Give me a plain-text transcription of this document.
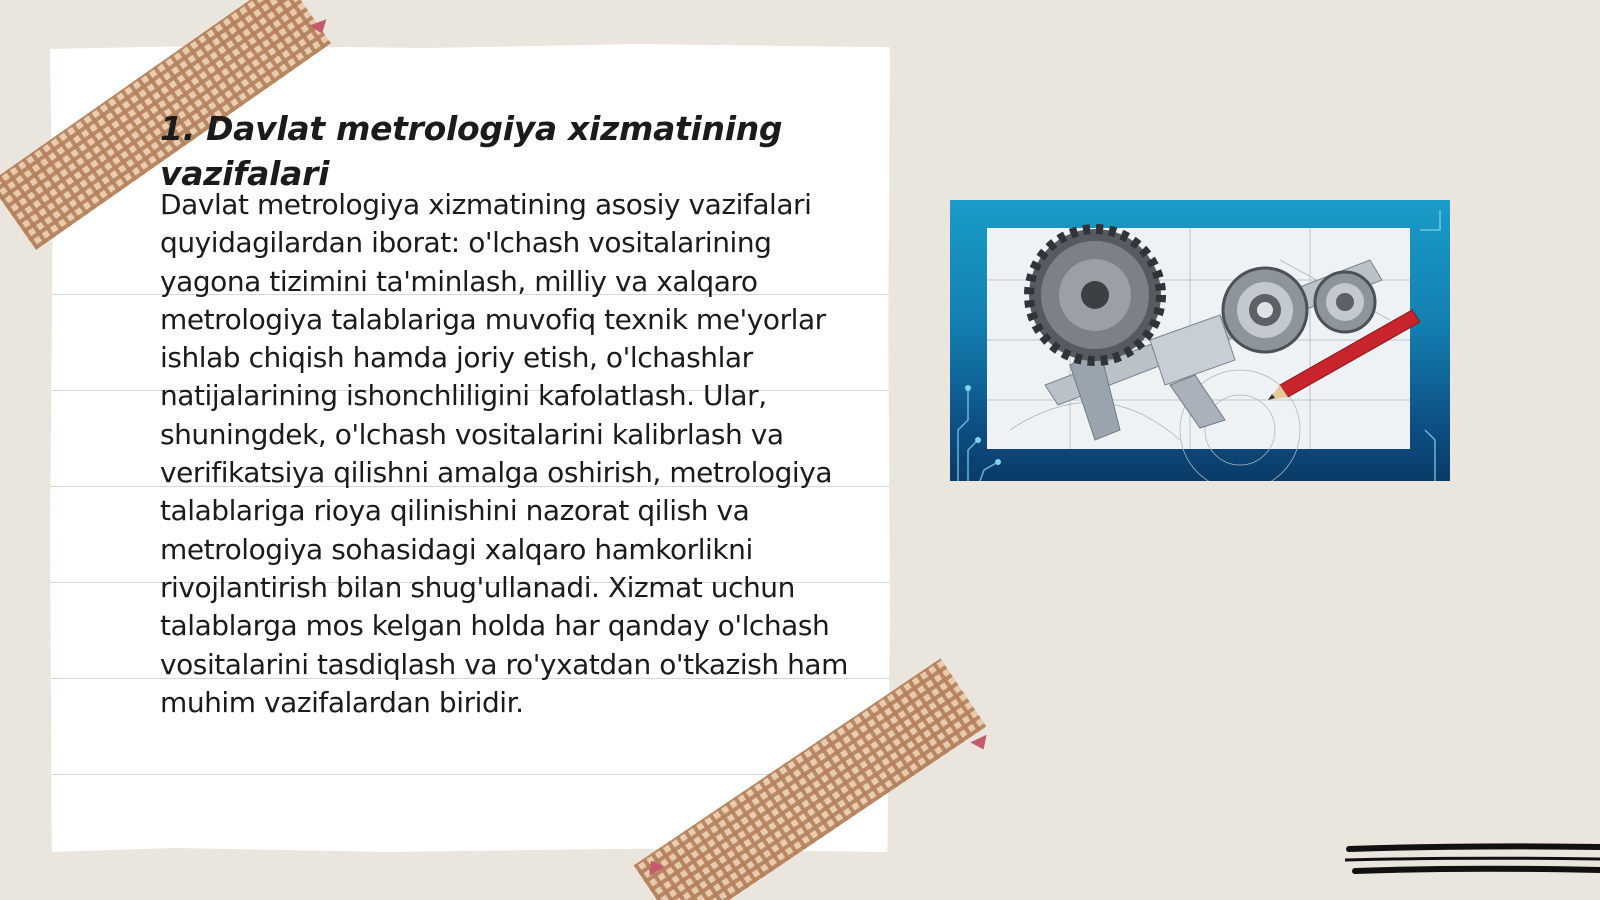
1. Davlat metrologiya xizmatining vazifalari

Davlat metrologiya xizmatining asosiy vazifalari quyidagilardan iborat: o'lchash vositalarining yagona tizimini ta'minlash, milliy va xalqaro metrologiya talablariga muvofiq texnik me'yorlar ishlab chiqish hamda joriy etish, o'lchashlar natijalarining ishonchliligini kafolatlash. Ular, shuningdek, o'lchash vositalarini kalibrlash va verifikatsiya qilishni amalga oshirish, metrologiya talablariga rioya qilinishini nazorat qilish va metrologiya sohasidagi xalqaro hamkorlikni rivojlantirish bilan shug'ullanadi. Xizmat uchun talablarga mos kelgan holda har qanday o'lchash vositalarini tasdiqlash va ro'yxatdan o'tkazish ham muhim vazifalardan biridir.
